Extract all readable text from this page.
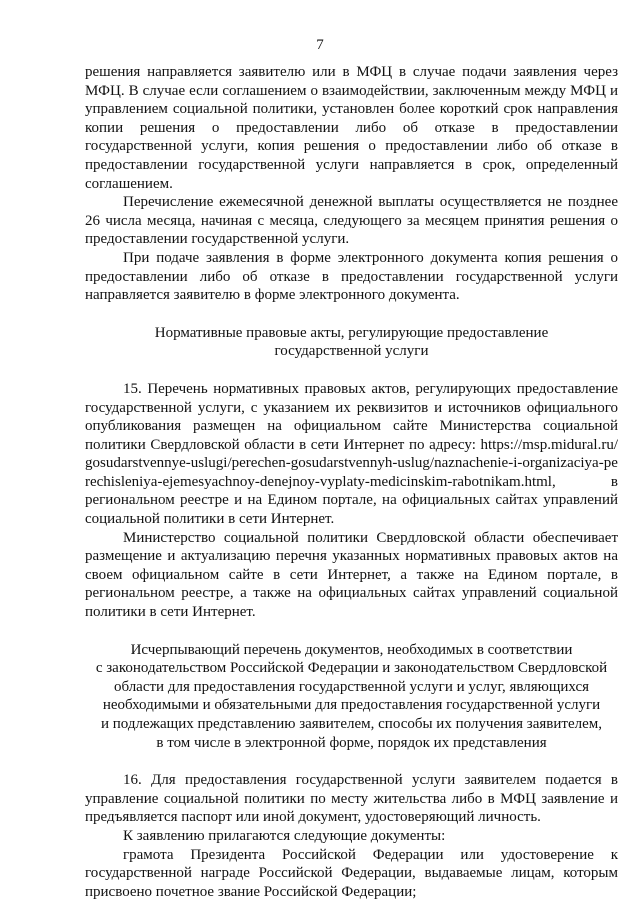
7

решения направляется заявителю или в МФЦ в случае подачи заявления через МФЦ. В случае если соглашением о взаимодействии, заключенным между МФЦ и управлением социальной политики, установлен более короткий срок направления копии решения о предоставлении либо об отказе в предоставлении государственной услуги, копия решения о предоставлении либо об отказе в предоставлении государственной услуги направляется в срок, определенный соглашением.

Перечисление ежемесячной денежной выплаты осуществляется не позднее 26 числа месяца, начиная с месяца, следующего за месяцем принятия решения о предоставлении государственной услуги.

При подаче заявления в форме электронного документа копия решения о предоставлении либо об отказе в предоставлении государственной услуги направляется заявителю в форме электронного документа.

Нормативные правовые акты, регулирующие предоставление
государственной услуги

15. Перечень нормативных правовых актов, регулирующих предоставление государственной услуги, с указанием их реквизитов и источников официального опубликования размещен на официальном сайте Министерства социальной политики Свердловской области в сети Интернет по адресу: https://msp.midural.ru/gosudarstvennye-uslugi/perechen-gosudarstvennyh-uslug/naznachenie-i-organizaciya-perechisleniya-ejemesyachnoy-denejnoy-vyplaty-medicinskim-rabotnikam.html, в региональном реестре и на Едином портале, на официальных сайтах управлений социальной политики в сети Интернет.

Министерство социальной политики Свердловской области обеспечивает размещение и актуализацию перечня указанных нормативных правовых актов на своем официальном сайте в сети Интернет, а также на Едином портале, в региональном реестре, а также на официальных сайтах управлений социальной политики в сети Интернет.

Исчерпывающий перечень документов, необходимых в соответствии
с законодательством Российской Федерации и законодательством Свердловской
области для предоставления государственной услуги и услуг, являющихся
необходимыми и обязательными для предоставления государственной услуги
и подлежащих представлению заявителем, способы их получения заявителем,
в том числе в электронной форме, порядок их представления

16. Для предоставления государственной услуги заявителем подается в управление социальной политики по месту жительства либо в МФЦ заявление и предъявляется паспорт или иной документ, удостоверяющий личность.

К заявлению прилагаются следующие документы:

грамота Президента Российской Федерации или удостоверение к государственной награде Российской Федерации, выдаваемые лицам, которым присвоено почетное звание Российской Федерации;
